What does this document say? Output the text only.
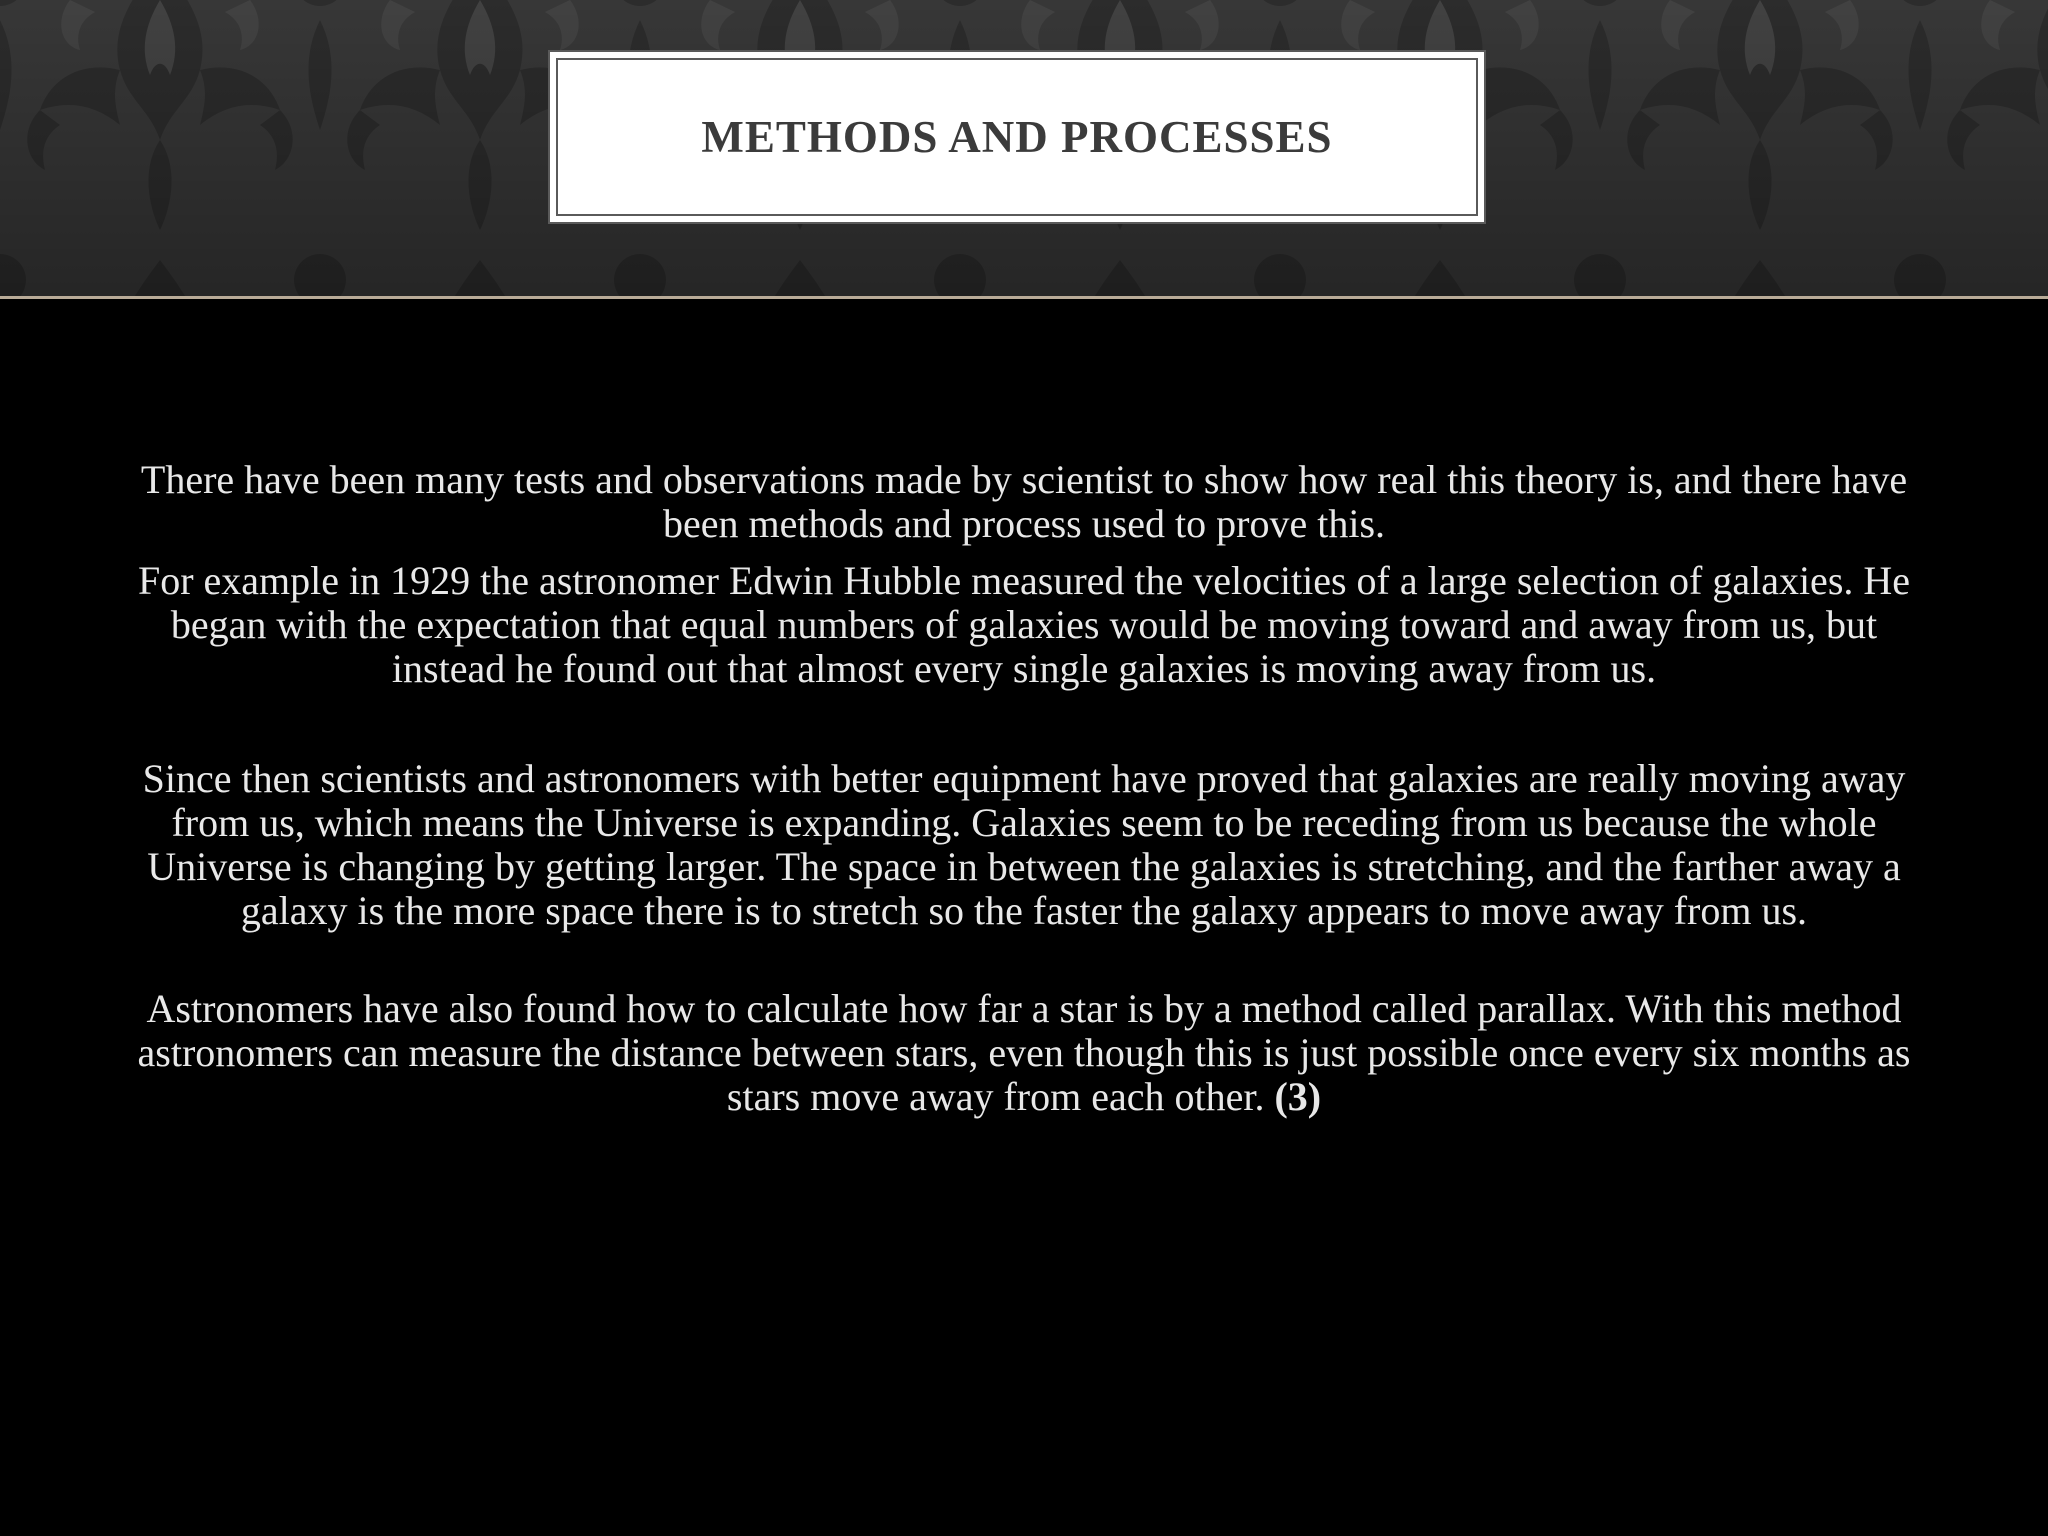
METHODS AND PROCESSES

There have been many tests and observations made by scientist to show how real this theory is, and there have been methods and process used to prove this.

For example in 1929 the astronomer Edwin Hubble measured the velocities of a large selection of galaxies. He began with the expectation that equal numbers of galaxies would be moving toward and away from us, but instead he found out that almost every single galaxies is moving away from us.

Since then scientists and astronomers with better equipment have proved that galaxies are really moving away from us, which means the Universe is expanding. Galaxies seem to be receding from us because the whole Universe is changing by getting larger. The space in between the galaxies is stretching, and the farther away a galaxy is the more space there is to stretch so the faster the galaxy appears to move away from us.

Astronomers have also found how to calculate how far a star is by a method called parallax. With this method astronomers can measure the distance between stars, even though this is just possible once every six months as stars move away from each other. (3)
